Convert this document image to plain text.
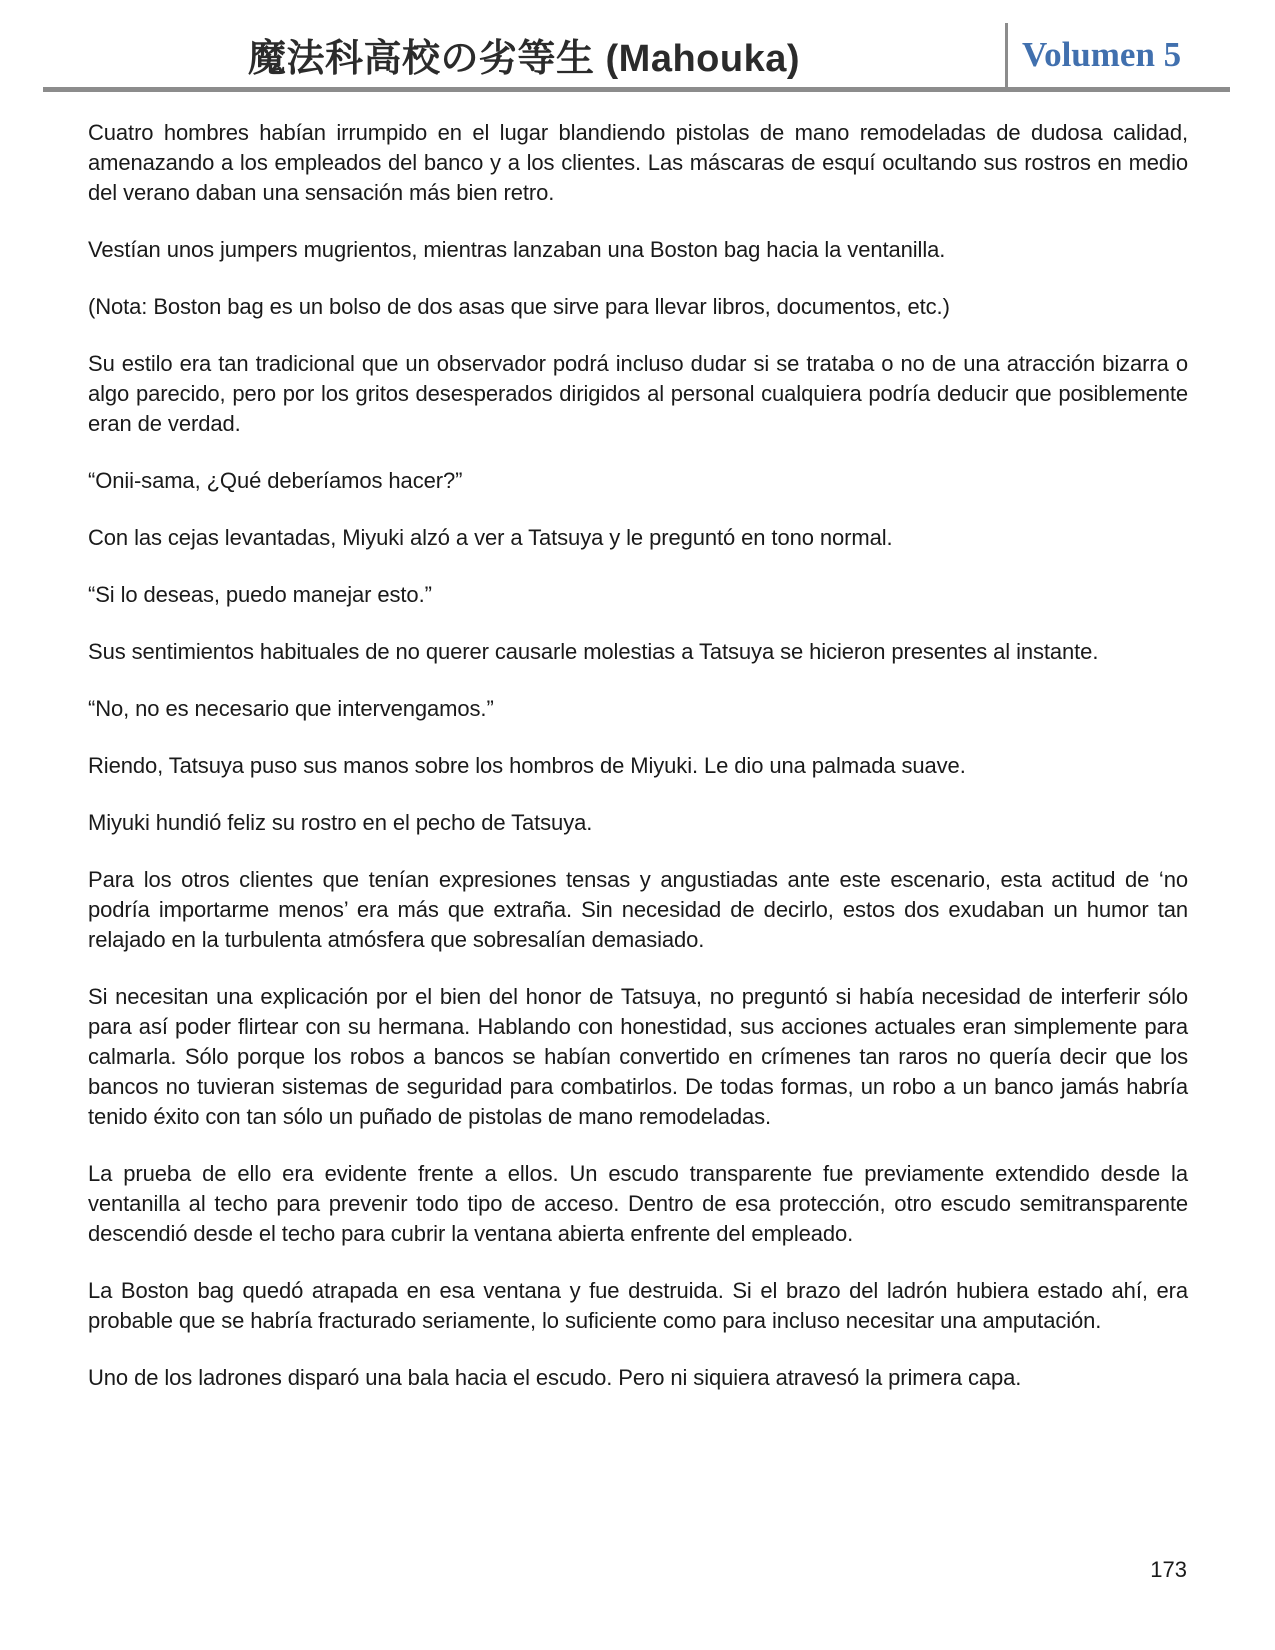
魔法科高校の劣等生 (Mahouka)	Volumen 5

Cuatro hombres habían irrumpido en el lugar blandiendo pistolas de mano remodeladas de dudosa calidad, amenazando a los empleados del banco y a los clientes. Las máscaras de esquí ocultando sus rostros en medio del verano daban una sensación más bien retro.

Vestían unos jumpers mugrientos, mientras lanzaban una Boston bag hacia la ventanilla.

(Nota: Boston bag es un bolso de dos asas que sirve para llevar libros, documentos, etc.)

Su estilo era tan tradicional que un observador podrá incluso dudar si se trataba o no de una atracción bizarra o algo parecido, pero por los gritos desesperados dirigidos al personal cualquiera podría deducir que posiblemente eran de verdad.

“Onii-sama, ¿Qué deberíamos hacer?”

Con las cejas levantadas, Miyuki alzó a ver a Tatsuya y le preguntó en tono normal.

“Si lo deseas, puedo manejar esto.”

Sus sentimientos habituales de no querer causarle molestias a Tatsuya se hicieron presentes al instante.

“No, no es necesario que intervengamos.”

Riendo, Tatsuya puso sus manos sobre los hombros de Miyuki. Le dio una palmada suave.

Miyuki hundió feliz su rostro en el pecho de Tatsuya.

Para los otros clientes que tenían expresiones tensas y angustiadas ante este escenario, esta actitud de ‘no podría importarme menos’ era más que extraña. Sin necesidad de decirlo, estos dos exudaban un humor tan relajado en la turbulenta atmósfera que sobresalían demasiado.

Si necesitan una explicación por el bien del honor de Tatsuya, no preguntó si había necesidad de interferir sólo para así poder flirtear con su hermana. Hablando con honestidad, sus acciones actuales eran simplemente para calmarla. Sólo porque los robos a bancos se habían convertido en crímenes tan raros no quería decir que los bancos no tuvieran sistemas de seguridad para combatirlos. De todas formas, un robo a un banco jamás habría tenido éxito con tan sólo un puñado de pistolas de mano remodeladas.

La prueba de ello era evidente frente a ellos. Un escudo transparente fue previamente extendido desde la ventanilla al techo para prevenir todo tipo de acceso. Dentro de esa protección, otro escudo semitransparente descendió desde el techo para cubrir la ventana abierta enfrente del empleado.

La Boston bag quedó atrapada en esa ventana y fue destruida. Si el brazo del ladrón hubiera estado ahí, era probable que se habría fracturado seriamente, lo suficiente como para incluso necesitar una amputación.

Uno de los ladrones disparó una bala hacia el escudo. Pero ni siquiera atravesó la primera capa.

173
